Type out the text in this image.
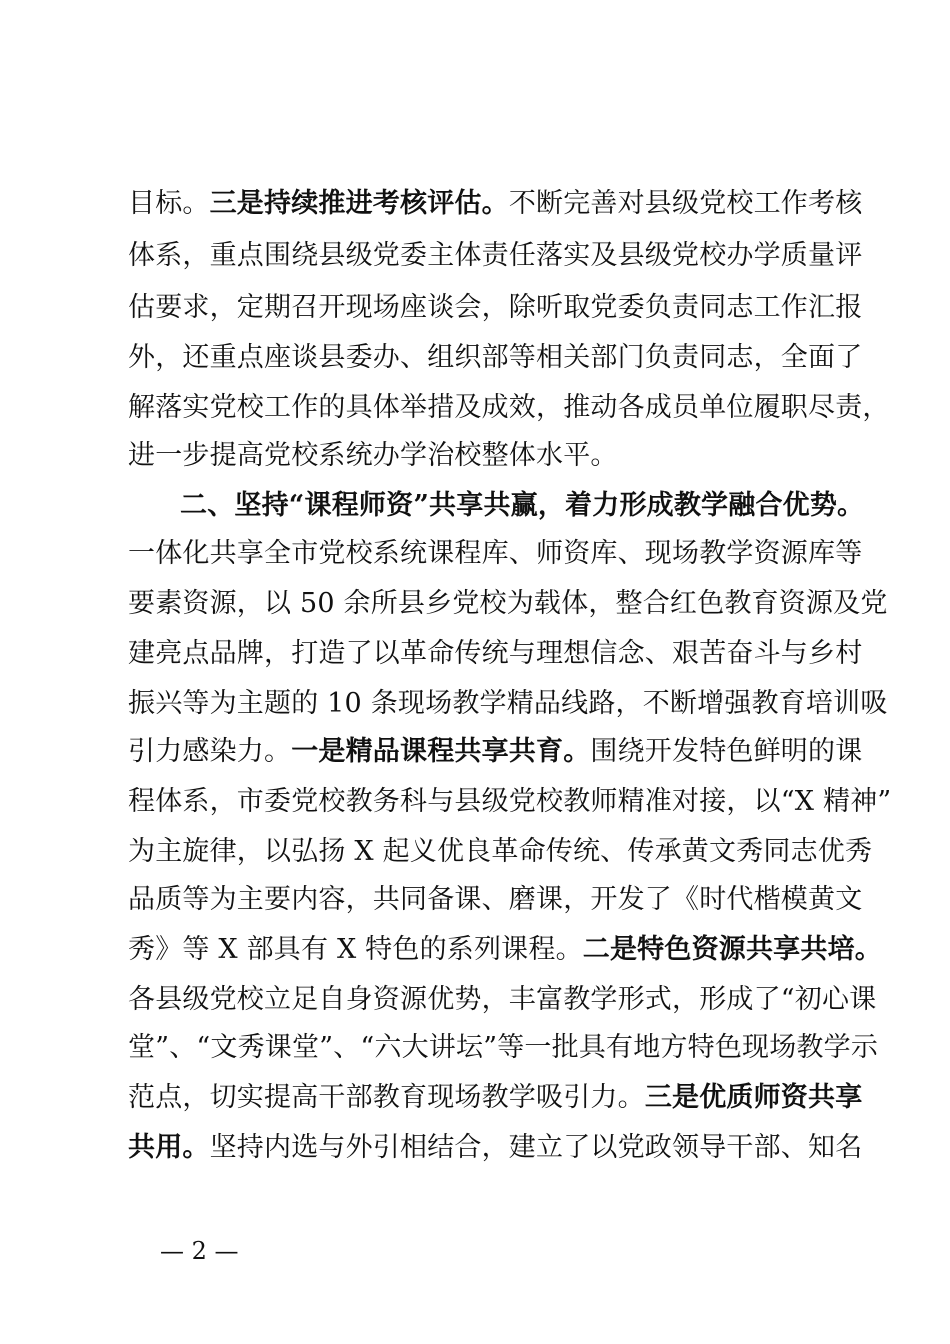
目标。三是持续推进考核评估。不断完善对县级党校工作考核
体系，重点围绕县级党委主体责任落实及县级党校办学质量评
估要求，定期召开现场座谈会，除听取党委负责同志工作汇报
外，还重点座谈县委办、组织部等相关部门负责同志，全面了
解落实党校工作的具体举措及成效，推动各成员单位履职尽责，
进一步提高党校系统办学治校整体水平。
二、坚持“课程师资”共享共赢，着力形成教学融合优势。
一体化共享全市党校系统课程库、师资库、现场教学资源库等
要素资源，以 50 余所县乡党校为载体，整合红色教育资源及党
建亮点品牌，打造了以革命传统与理想信念、艰苦奋斗与乡村
振兴等为主题的 10 条现场教学精品线路，不断增强教育培训吸
引力感染力。一是精品课程共享共育。围绕开发特色鲜明的课
程体系，市委党校教务科与县级党校教师精准对接，以“X 精神”
为主旋律，以弘扬 X 起义优良革命传统、传承黄文秀同志优秀
品质等为主要内容，共同备课、磨课，开发了《时代楷模黄文
秀》等 X 部具有 X 特色的系列课程。二是特色资源共享共培。
各县级党校立足自身资源优势，丰富教学形式，形成了“初心课
堂”、“文秀课堂”、“六大讲坛”等一批具有地方特色现场教学示
范点，切实提高干部教育现场教学吸引力。三是优质师资共享
共用。坚持内选与外引相结合，建立了以党政领导干部、知名
— 2 —
